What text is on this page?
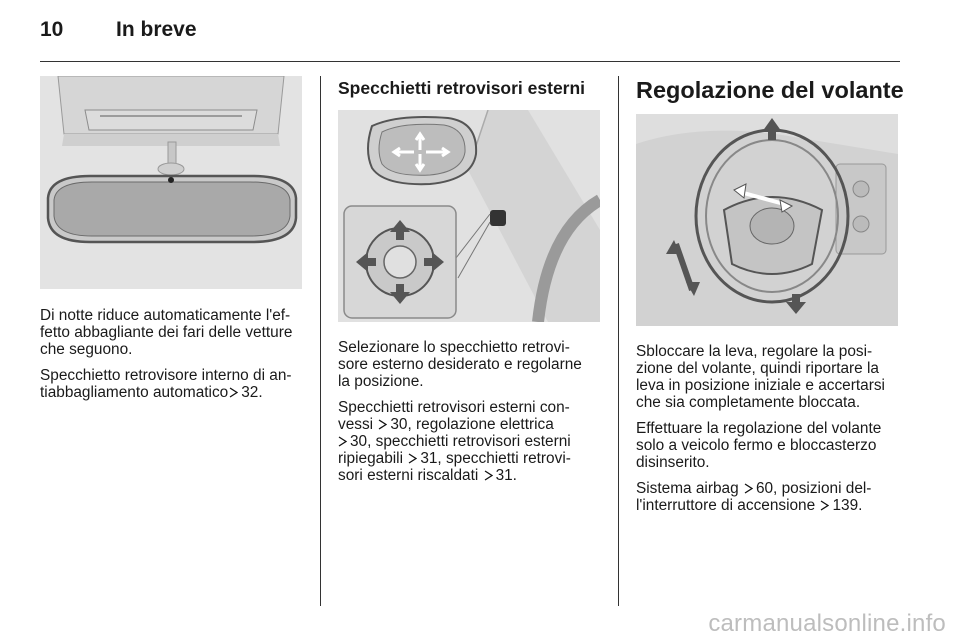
10	In breve

Di notte riduce automaticamente l'ef-
fetto abbagliante dei fari delle vetture
che seguono.

Specchietto retrovisore interno di an-
tiabbagliamento automatico 32.

Specchietti retrovisori esterni

Selezionare lo specchietto retrovi-
sore esterno desiderato e regolarne
la posizione.

Specchietti retrovisori esterni con-
vessi 30, regolazione elettrica
30, specchietti retrovisori esterni
ripiegabili 31, specchietti retrovi-
sori esterni riscaldati 31.

Regolazione del volante

Sbloccare la leva, regolare la posi-
zione del volante, quindi riportare la
leva in posizione iniziale e accertarsi
che sia completamente bloccata.

Effettuare la regolazione del volante
solo a veicolo fermo e bloccasterzo
disinserito.

Sistema airbag 60, posizioni del-
l'interruttore di accensione 139.

carmanualsonline.info
